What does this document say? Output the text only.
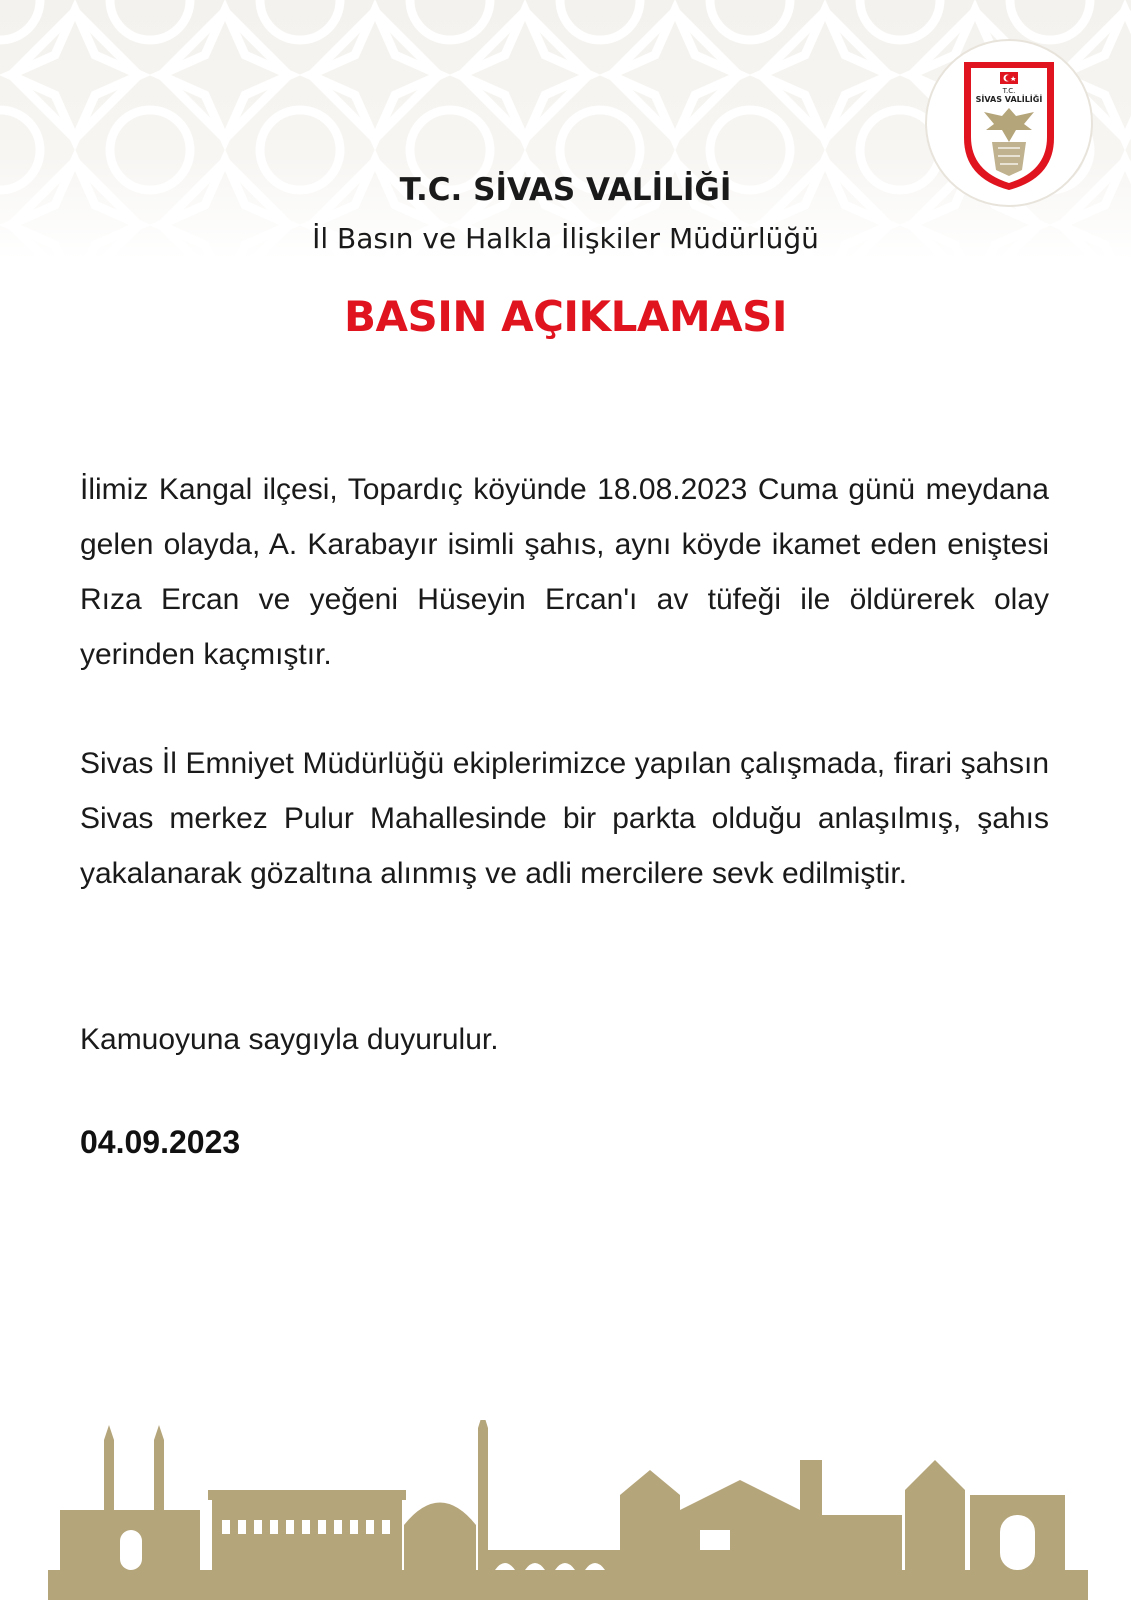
T.C.
SİVAS VALİLİĞİ
T.C. SİVAS VALİLİĞİ
İl Basın ve Halkla İlişkiler Müdürlüğü
BASIN AÇIKLAMASI
İlimiz Kangal ilçesi, Topardıç köyünde 18.08.2023 Cuma günü meydana gelen olayda, A. Karabayır isimli şahıs, aynı köyde ikamet eden eniştesi Rıza Ercan ve yeğeni Hüseyin Ercan'ı av tüfeği ile öldürerek olay yerinden kaçmıştır.
Sivas İl Emniyet Müdürlüğü ekiplerimizce yapılan çalışmada, firari şahsın Sivas merkez Pulur Mahallesinde bir parkta olduğu anlaşılmış, şahıs yakalanarak gözaltına alınmış ve adli mercilere sevk edilmiştir.
Kamuoyuna saygıyla duyurulur.
04.09.2023
